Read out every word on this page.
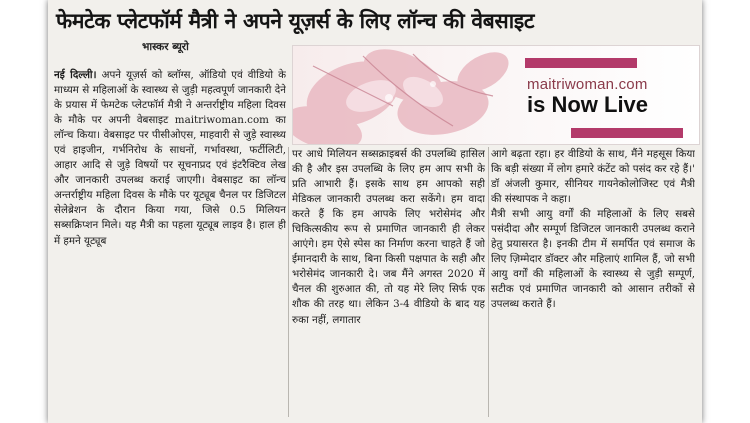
फेमटेक प्लेटफॉर्म मैत्री ने अपने यूज़र्स के लिए लॉन्च की वेबसाइट
भास्कर ब्यूरो
maitriwoman.com
is Now Live

नई दिल्ली। अपने यूज़र्स को ब्लॉग्स, ऑडियो एवं वीडियो के माध्यम से महिलाओं के स्वास्थ्य से जुड़ी महत्वपूर्ण जानकारी देने के प्रयास में फेमटेक प्लेटफॉर्म मैत्री ने अन्तर्राष्ट्रीय महिला दिवस के मौके पर अपनी वेबसाइट maitriwoman.com का लॉन्च किया। वेबसाइट पर पीसीओएस, माहवारी से जुड़े स्वास्थ्य एवं हाइजीन, गर्भनिरोध के साधनों, गर्भावस्था, फर्टीलिटी, आहार आदि से जुड़े विषयों पर सूचनाप्रद एवं इंटरैक्टिव लेख और जानकारी उपलब्ध कराई जाएगी। वेबसाइट का लॉन्च अन्तर्राष्ट्रीय महिला दिवस के मौके पर यूट्यूब चैनल पर डिजिटल सेलेब्रेशन के दौरान किया गया, जिसे 0.5 मिलियन सब्सक्रिप्शन मिले। यह मैत्री का पहला यूट्यूब लाइव है। हाल ही में हमने यूट्यूब

पर आधे मिलियन सब्सक्राइबर्स की उपलब्धि हासिल की है और इस उपलब्धि के लिए हम आप सभी के प्रति आभारी हैं। इसके साथ हम आपको सही मेडिकल जानकारी उपलब्ध करा सकेंगे। हम वादा करते हैं कि हम आपके लिए भरोसेमंद और चिकित्सकीय रूप से प्रमाणित जानकारी ही लेकर आएंगे। हम ऐसे स्पेस का निर्माण करना चाहते हैं जो ईमानदारी के साथ, बिना किसी पक्षपात के सही और भरोसेमंद जानकारी दे। जब मैंने अगस्त 2020 में चैनल की शुरुआत की, तो यह मेरे लिए सिर्फ एक शौक की तरह था। लेकिन 3-4 वीडियो के बाद यह रुका नहीं, लगातार

आगे बढ़ता रहा। हर वीडियो के साथ, मैंने महसूस किया कि बड़ी संख्या में लोग हमारे कंटेंट को पसंद कर रहे हैं।' डॉ अंजली कुमार, सीनियर गायनेकोलोजिस्ट एवं मैत्री की संस्थापक ने कहा।

मैत्री सभी आयु वर्गों की महिलाओं के लिए सबसे पसंदीदा और सम्पूर्ण डिजिटल जानकारी उपलब्ध कराने हेतु प्रयासरत है। इनकी टीम में समर्पित एवं समाज के लिए ज़िम्मेदार डॉक्टर और महिलाएं शामिल हैं, जो सभी आयु वर्गों की महिलाओं के स्वास्थ्य से जुड़ी सम्पूर्ण, सटीक एवं प्रमाणित जानकारी को आसान तरीकों से उपलब्ध कराते हैं।
